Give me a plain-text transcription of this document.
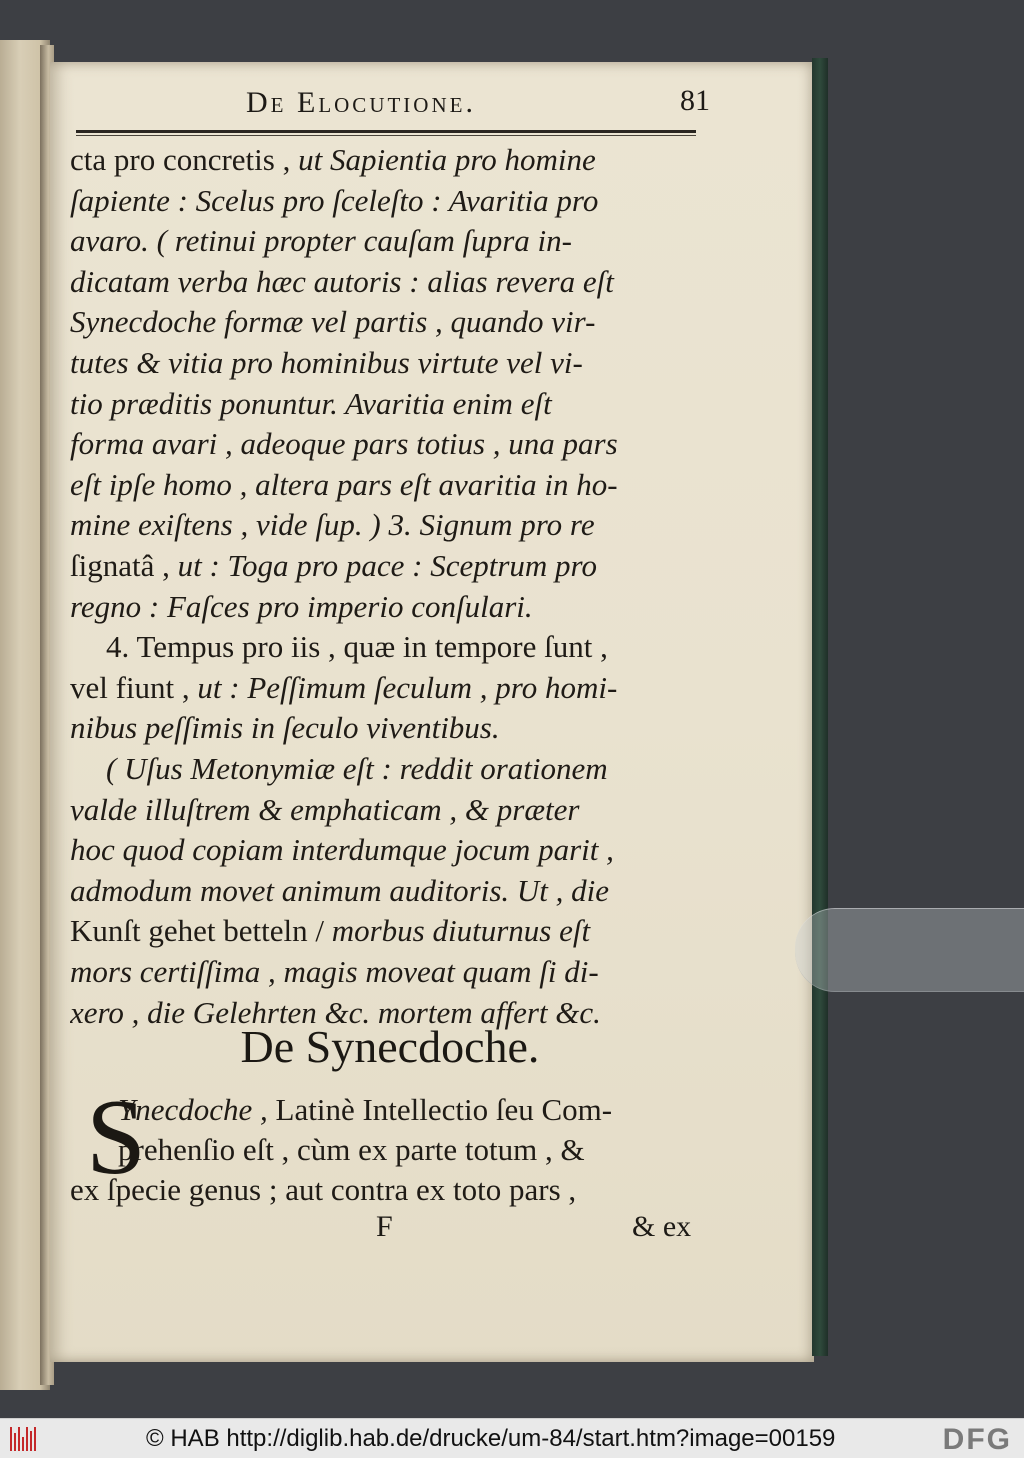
De Elocutione.	81
cta pro concretis , ut Sapientia pro homine
ſapiente : Scelus pro ſceleſto : Avaritia pro
avaro. ( retinui propter cauſam ſupra in-
dicatam verba hæc autoris : alias revera eſt
Synecdoche formæ vel partis , quando vir-
tutes & vitia pro hominibus virtute vel vi-
tio præditis ponuntur. Avaritia enim eſt
forma avari , adeoque pars totius , una pars
eſt ipſe homo , altera pars eſt avaritia in ho-
mine exiſtens , vide ſup. ) 3. Signum pro re
ſignatâ , ut : Toga pro pace : Sceptrum pro
regno : Faſces pro imperio conſulari.
4. Tempus pro iis , quæ in tempore ſunt ,
vel fiunt , ut : Peſſimum ſeculum , pro homi-
nibus peſſimis in ſeculo viventibus.
( Uſus Metonymiæ eſt : reddit orationem
valde illuſtrem & emphaticam , & præter
hoc quod copiam interdumque jocum parit ,
admodum movet animum auditoris. Ut , die
Kunſt gehet betteln / morbus diuturnus eſt
mors certiſſima , magis moveat quam ſi di-
xero , die Gelehrten &c. mortem affert &c.
De Synecdoche.
Ynecdoche , Latinè Intellectio ſeu Com-
prehenſio eſt , cùm ex parte totum , &
ex ſpecie genus ; aut contra ex toto pars ,
S
F	& ex
© HAB http://diglib.hab.de/drucke/um-84/start.htm?image=00159	DFG
